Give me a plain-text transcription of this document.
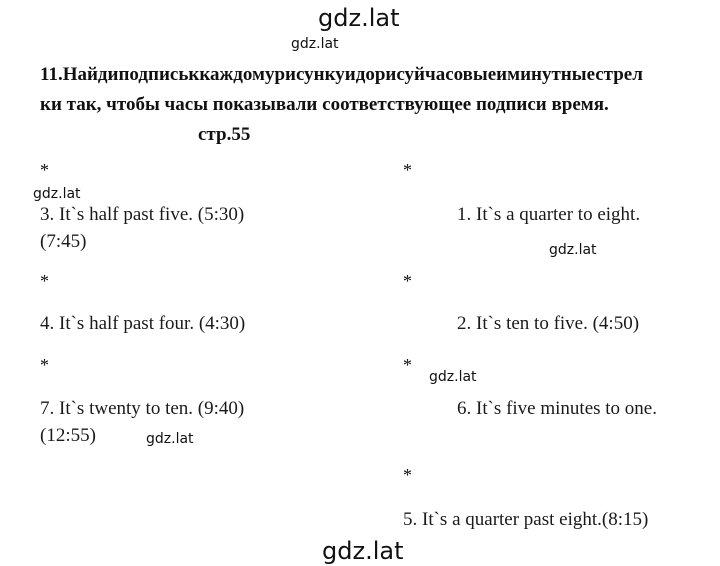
gdz.lat
gdz.lat
gdz.lat
gdz.lat
gdz.lat
gdz.lat
gdz.lat
11.Найдиподписьккаждомурисункуидорисуйчасовыеиминутныестрел
ки так, чтобы часы показывали соответствующее подписи время.
стр.55
*
3. It`s half past five. (5:30)
(7:45)
*
4. It`s half past four. (4:30)
*
7. It`s twenty to ten. (9:40)
(12:55)
*
1. It`s a quarter to eight.
*
2. It`s ten to five. (4:50)
*
6. It`s five minutes to one.
*
5. It`s a quarter past eight.(8:15)
